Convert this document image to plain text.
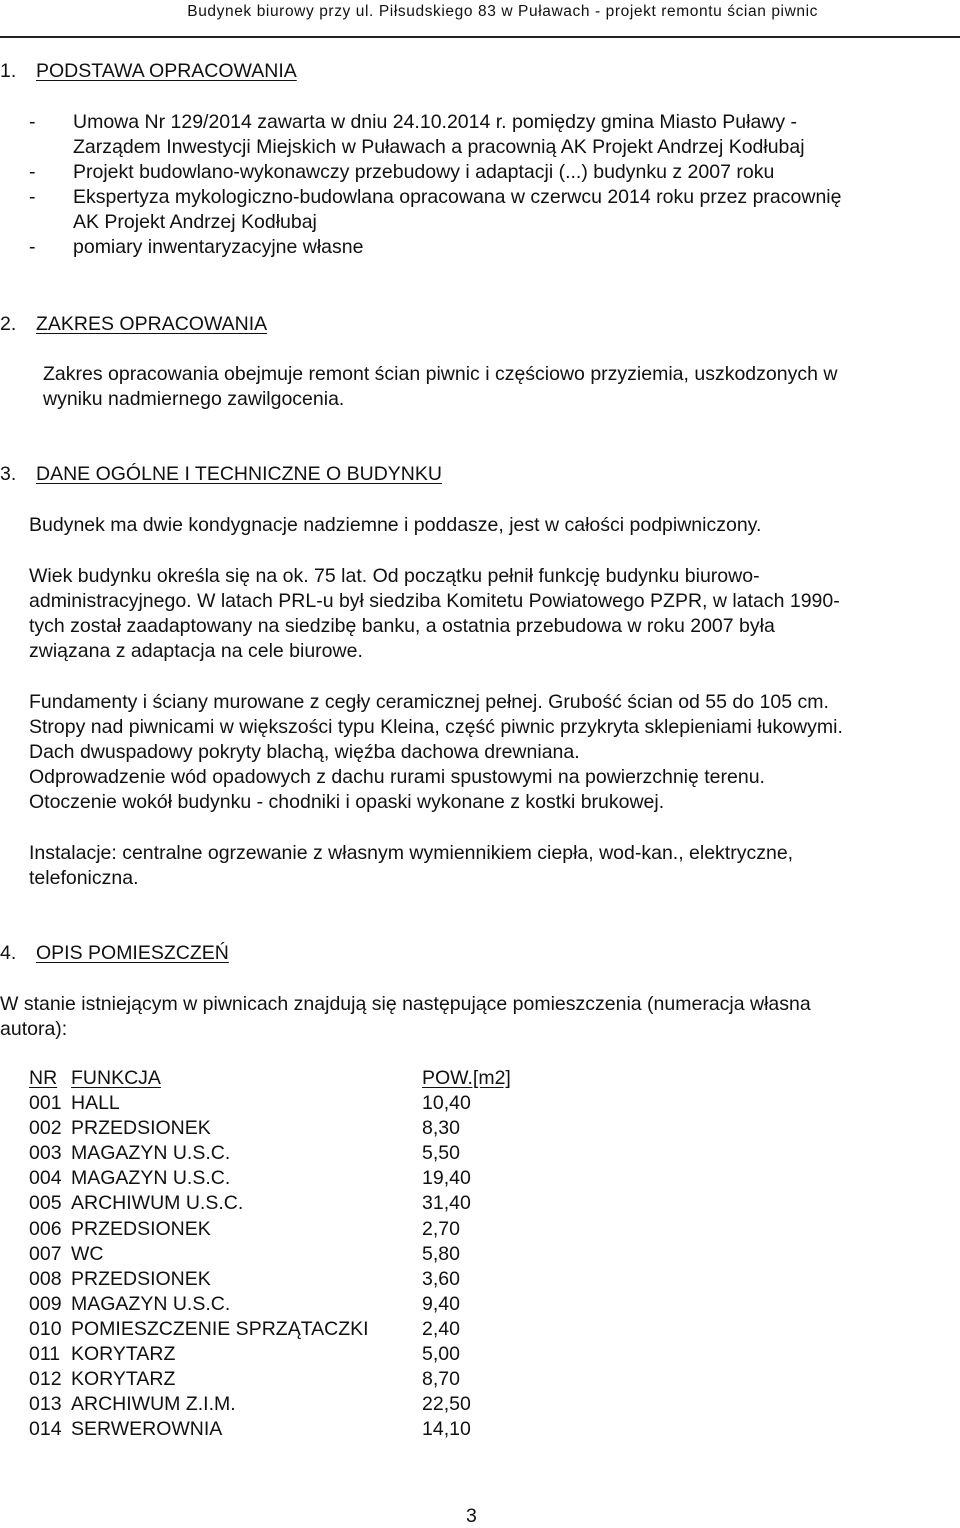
Budynek biurowy przy ul. Piłsudskiego 83 w Puławach - projekt remontu ścian piwnic
1. PODSTAWA OPRACOWANIA
- Umowa Nr 129/2014 zawarta w dniu 24.10.2014 r. pomiędzy gmina Miasto Puławy -
Zarządem Inwestycji Miejskich w Puławach a pracownią AK Projekt Andrzej Kodłubaj
- Projekt budowlano-wykonawczy przebudowy i adaptacji (...) budynku z 2007 roku
- Ekspertyza mykologiczno-budowlana opracowana w czerwcu 2014 roku przez pracownię
AK Projekt Andrzej Kodłubaj
- pomiary inwentaryzacyjne własne
2. ZAKRES OPRACOWANIA
Zakres opracowania obejmuje remont ścian piwnic i częściowo przyziemia, uszkodzonych w
wyniku nadmiernego zawilgocenia.
3. DANE OGÓLNE I TECHNICZNE O BUDYNKU
Budynek ma dwie kondygnacje nadziemne i poddasze, jest w całości podpiwniczony.
Wiek budynku określa się na ok. 75 lat. Od początku pełnił funkcję budynku biurowo-
administracyjnego. W latach PRL-u był siedziba Komitetu Powiatowego PZPR, w latach 1990-
tych został zaadaptowany na siedzibę banku, a ostatnia przebudowa w roku 2007 była
związana z adaptacja na cele biurowe.
Fundamenty i ściany murowane z cegły ceramicznej pełnej. Grubość ścian od 55 do 105 cm.
Stropy nad piwnicami w większości typu Kleina, część piwnic przykryta sklepieniami łukowymi.
Dach dwuspadowy pokryty blachą, więźba dachowa drewniana.
Odprowadzenie wód opadowych z dachu rurami spustowymi na powierzchnię terenu.
Otoczenie wokół budynku - chodniki i opaski wykonane z kostki brukowej.
Instalacje: centralne ogrzewanie z własnym wymiennikiem ciepła, wod-kan., elektryczne,
telefoniczna.
4. OPIS POMIESZCZEŃ
W stanie istniejącym w piwnicach znajdują się następujące pomieszczenia (numeracja własna
autora):
NR FUNKCJA	POW.[m2]
001 HALL	10,40
002 PRZEDSIONEK	8,30
003 MAGAZYN U.S.C.	5,50
004 MAGAZYN U.S.C.	19,40
005 ARCHIWUM U.S.C.	31,40
006 PRZEDSIONEK	2,70
007 WC	5,80
008 PRZEDSIONEK	3,60
009 MAGAZYN U.S.C.	9,40
010 POMIESZCZENIE SPRZĄTACZKI	2,40
011 KORYTARZ	5,00
012 KORYTARZ	8,70
013 ARCHIWUM Z.I.M.	22,50
014 SERWEROWNIA	14,10
3
